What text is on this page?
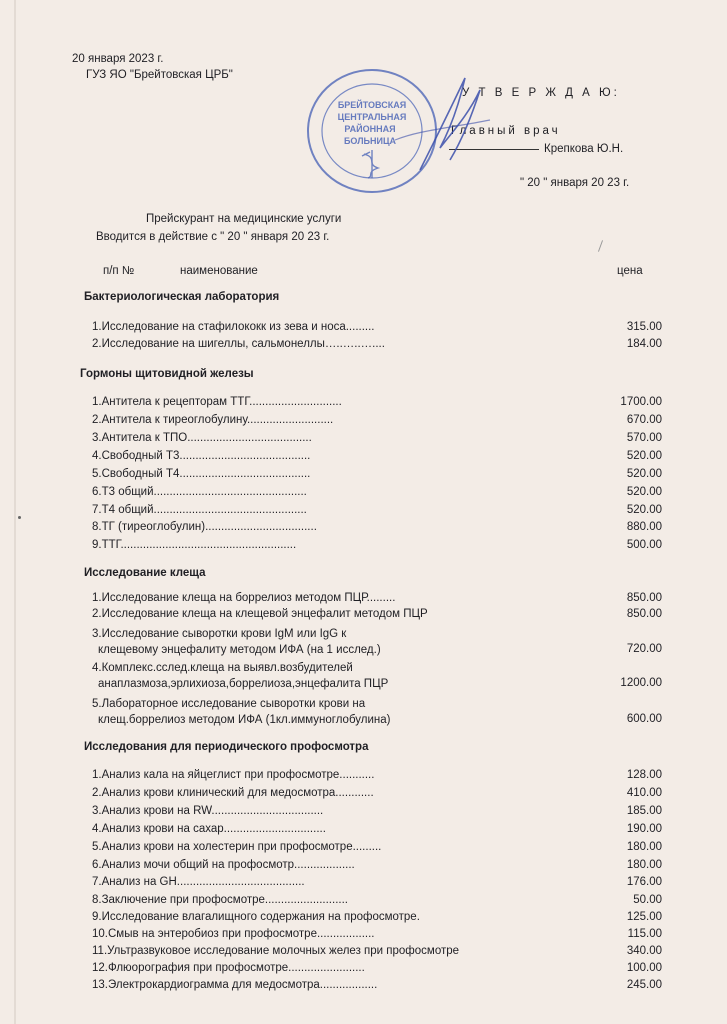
20 января 2023 г.
ГУЗ ЯО "Брейтовская ЦРБ"
У Т В Е Р Ж Д А Ю:
Главный врач
Крепкова Ю.Н.
" 20 " января 20 23 г.
БРЕЙТОВСКАЯ
ЦЕНТРАЛЬНАЯ
РАЙОННАЯ
БОЛЬНИЦА
Прейскурант на медицинские услуги
Вводится в действие с " 20 " января 20 23 г.
п/п №	наименование	цена
Бактериологическая лаборатория
1.Исследование на стафилококк из зева и носа.........	315.00
2.Исследование на шигеллы, сальмонеллы…..…..…....	184.00
Гормоны щитовидной железы
1.Антитела к рецепторам ТТГ.............................	1700.00
2.Антитела к тиреоглобулину...........................	670.00
3.Антитела к ТПО.......................................	570.00
4.Свободный Т3.........................................	520.00
5.Свободный Т4.........................................	520.00
6.Т3 общий................................................	520.00
7.Т4 общий................................................	520.00
8.ТГ (тиреоглобулин)...................................	880.00
9.ТТГ.......................................................	500.00
Исследование клеща
1.Исследование клеща на боррелиоз методом ПЦР.........	850.00
2.Исследование клеща на клещевой энцефалит методом ПЦР	850.00
3.Исследование сыворотки крови IgM или IgG к
клещевому энцефалиту методом ИФА (на 1 исслед.)	720.00
4.Комплекс.сслед.клеща на выявл.возбудителей
анаплазмоза,эрлихиоза,боррелиоза,энцефалита ПЦР	1200.00
5.Лабораторное исследование сыворотки крови на
клещ.боррелиоз методом ИФА (1кл.иммуноглобулина)	600.00
Исследования для периодического профосмотра
1.Анализ кала на яйцеглист при профосмотре...........	128.00
2.Анализ крови клинический для медосмотра............	410.00
3.Анализ крови на RW...................................	185.00
4.Анализ крови на сахар................................	190.00
5.Анализ крови на холестерин при профосмотре.........	180.00
6.Анализ мочи общий на профосмотр...................	180.00
7.Анализ на GH........................................	176.00
8.Заключение при профосмотре..........................	50.00
9.Исследование влагалищного содержания на профосмотре.	125.00
10.Смыв на энтеробиоз при профосмотре..................	115.00
11.Ультразвуковое исследование молочных желез при профосмотре	340.00
12.Флюорография при профосмотре........................	100.00
13.Электрокардиограмма для медосмотра..................	245.00
